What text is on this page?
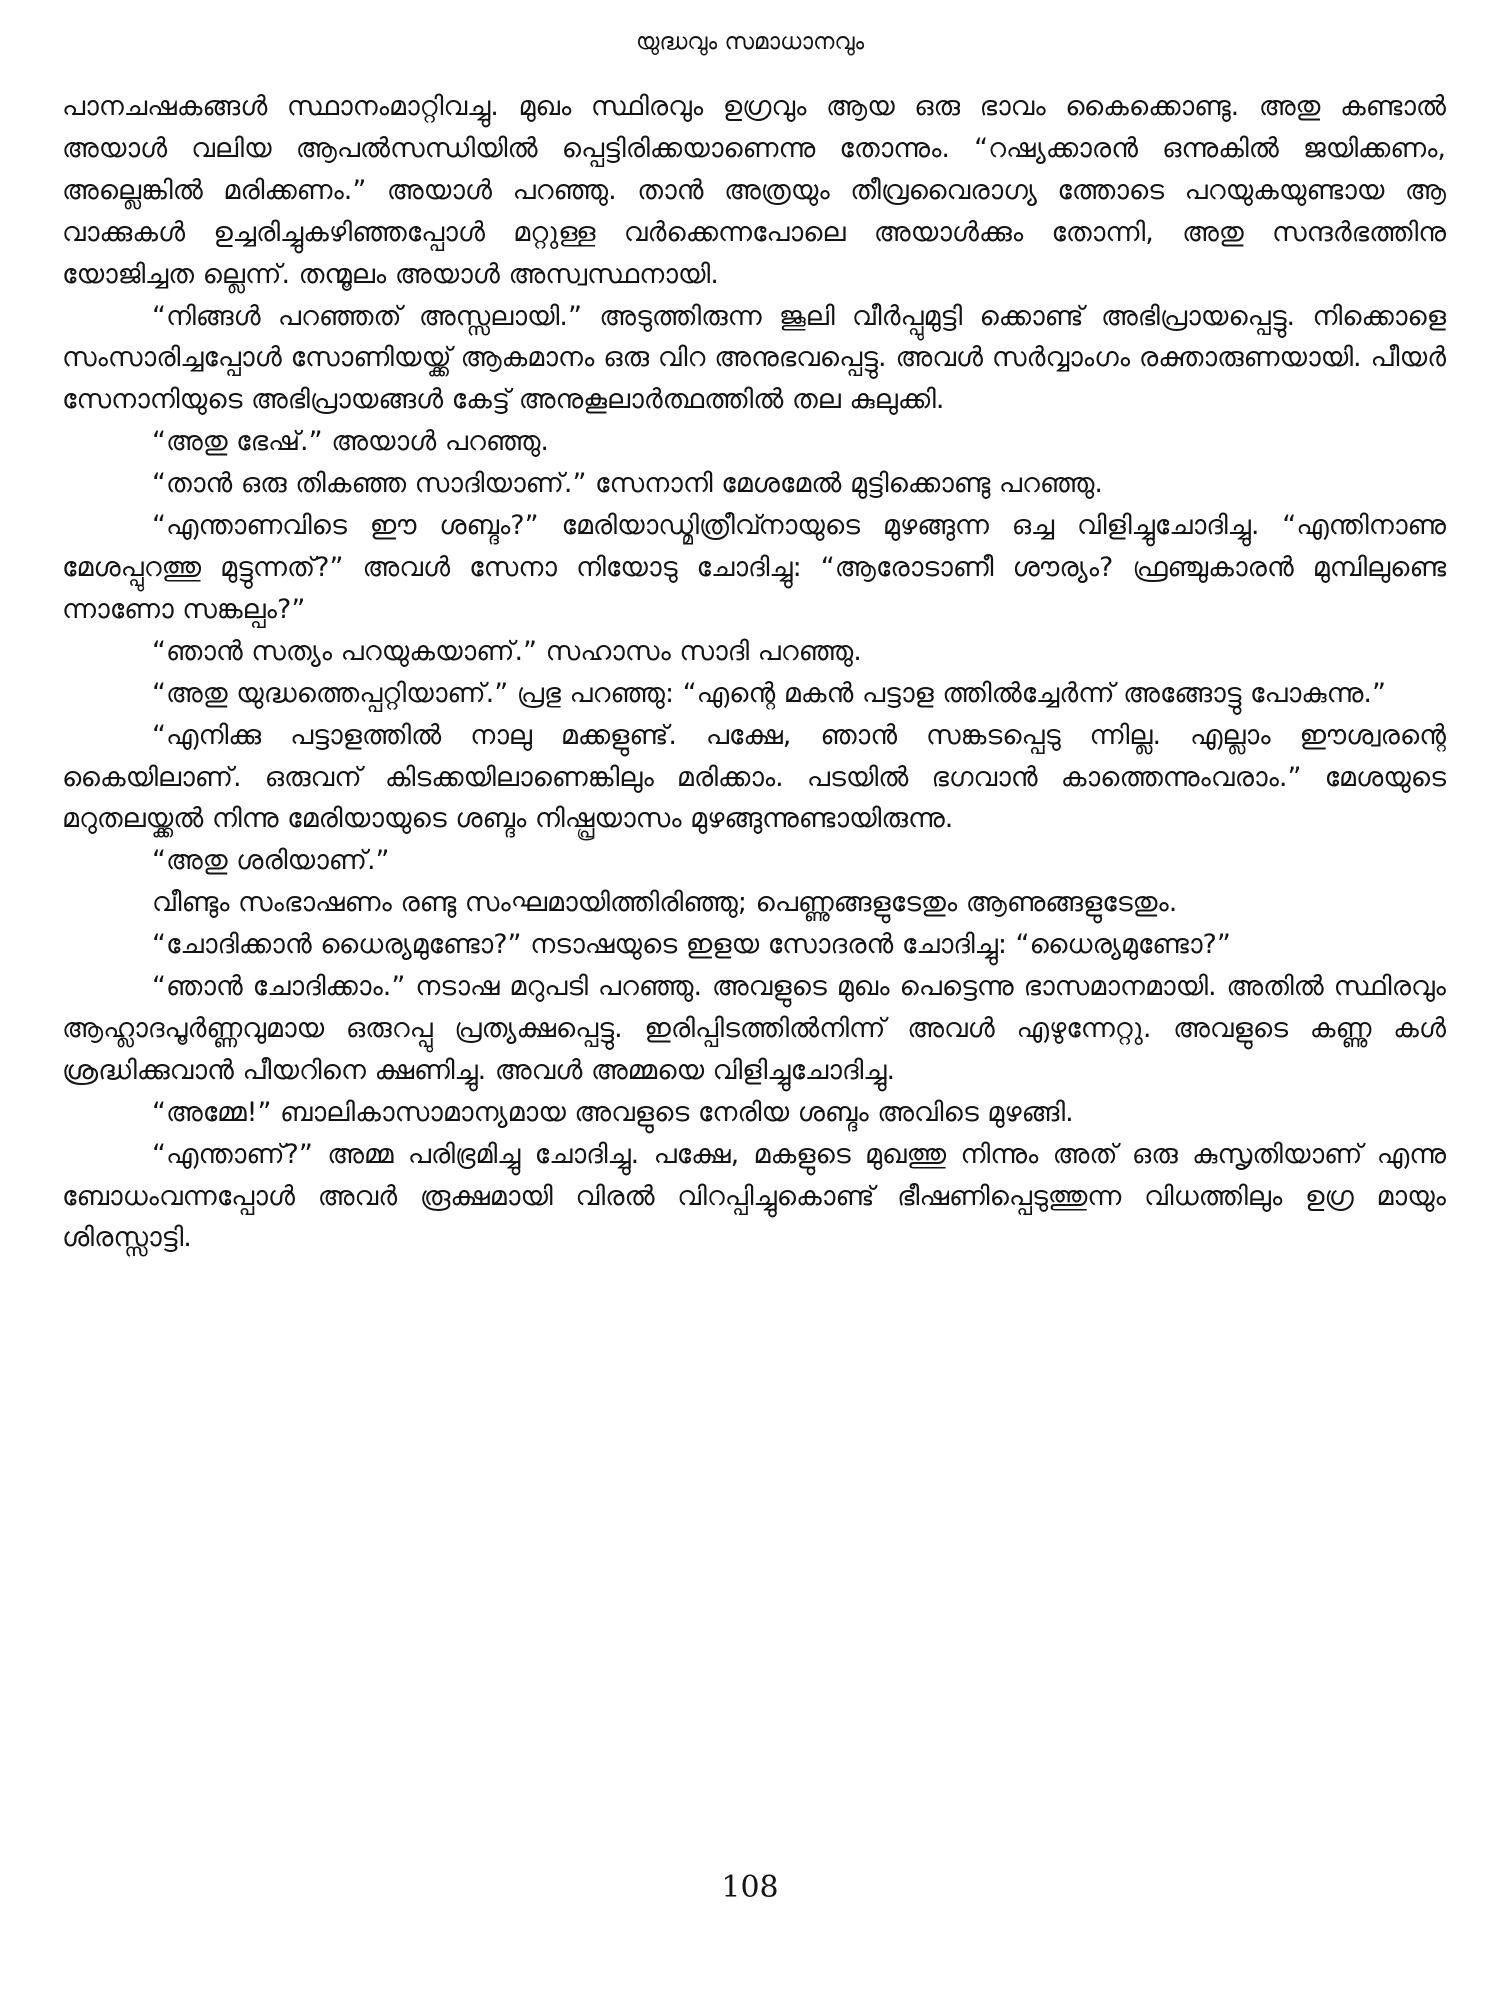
യുദ്ധവും സമാധാനവും

പാനചഷകങ്ങൾ സ്ഥാനംമാറ്റിവച്ചു. മുഖം സ്ഥിരവും ഉഗ്രവും ആയ ഒരു ഭാവം കൈക്കൊണ്ടു. അതു കണ്ടാൽ അയാൾ വലിയ ആപൽസന്ധിയിൽ പ്പെട്ടിരിക്കയാണെന്നു തോന്നും. “റഷ്യക്കാരൻ ഒന്നുകിൽ ജയിക്കണം, അല്ലെങ്കിൽ മരിക്കണം.” അയാൾ പറഞ്ഞു. താൻ അത്രയും തീവ്രവൈരാഗ്യ ത്തോടെ പറയുകയുണ്ടായ ആ വാക്കുകൾ ഉച്ചരിച്ചുകഴിഞ്ഞപ്പോൾ മറ്റുള്ള വർക്കെന്നപോലെ അയാൾക്കും തോന്നി, അതു സന്ദർഭത്തിനു യോജിച്ചത ല്ലെന്ന്. തന്മൂലം അയാൾ അസ്വസ്ഥനായി.

“നിങ്ങൾ പറഞ്ഞത് അസ്സലായി.” അടുത്തിരുന്ന ജൂലി വീർപ്പുമുട്ടി ക്കൊണ്ട് അഭിപ്രായപ്പെട്ടു. നിക്കൊളെ സംസാരിച്ചപ്പോൾ സോണിയയ്ക്ക് ആകമാനം ഒരു വിറ അനുഭവപ്പെട്ടു. അവൾ സർവ്വാംഗം രക്താരുണയായി. പീയർ സേനാനിയുടെ അഭിപ്രായങ്ങൾ കേട്ട് അനുകൂലാർത്ഥത്തിൽ തല കുലുക്കി.

“അതു ഭേഷ്.” അയാൾ പറഞ്ഞു.

“താൻ ഒരു തികഞ്ഞ സാദിയാണ്.” സേനാനി മേശമേൽ മുട്ടിക്കൊണ്ടു പറഞ്ഞു.

“എന്താണവിടെ ഈ ശബ്ദം?” മേരിയാഡ്മിത്രീവ്നായുടെ മുഴങ്ങുന്ന ഒച്ച വിളിച്ചുചോദിച്ചു. “എന്തിനാണു മേശപ്പുറത്തു മുട്ടുന്നത്?” അവൾ സേനാ നിയോടു ചോദിച്ചു: “ആരോടാണീ ശൗര്യം? ഫ്രഞ്ചുകാരൻ മുമ്പിലുണ്ടെ ന്നാണോ സങ്കല്പം?”

“ഞാൻ സത്യം പറയുകയാണ്.” സഹാസം സാദി പറഞ്ഞു.

“അതു യുദ്ധത്തെപ്പറ്റിയാണ്.” പ്രഭു പറഞ്ഞു: “എന്റെ മകൻ പട്ടാള ത്തിൽച്ചേർന്ന് അങ്ങോട്ടു പോകുന്നു.”

“എനിക്കു പട്ടാളത്തിൽ നാലു മക്കളുണ്ട്. പക്ഷേ, ഞാൻ സങ്കടപ്പെടു ന്നില്ല. എല്ലാം ഈശ്വരന്റെ കൈയിലാണ്. ഒരുവന് കിടക്കയിലാണെങ്കിലും മരിക്കാം. പടയിൽ ഭഗവാൻ കാത്തെന്നുംവരാം.” മേശയുടെ മറുതലയ്ക്കൽ നിന്നു മേരിയായുടെ ശബ്ദം നിഷ്പ്രയാസം മുഴങ്ങുന്നുണ്ടായിരുന്നു.

“അതു ശരിയാണ്.”

വീണ്ടും സംഭാഷണം രണ്ടു സംഘമായിത്തിരിഞ്ഞു; പെണ്ണുങ്ങളുടേതും ആണുങ്ങളുടേതും.

“ചോദിക്കാൻ ധൈര്യമുണ്ടോ?” നടാഷയുടെ ഇളയ സോദരൻ ചോദിച്ചു: “ധൈര്യമുണ്ടോ?”

“ഞാൻ ചോദിക്കാം.” നടാഷ മറുപടി പറഞ്ഞു. അവളുടെ മുഖം പെട്ടെന്നു ഭാസമാനമായി. അതിൽ സ്ഥിരവും ആഹ്ലാദപൂർണ്ണവുമായ ഒരുറപ്പു പ്രത്യക്ഷപ്പെട്ടു. ഇരിപ്പിടത്തിൽനിന്ന് അവൾ എഴുന്നേറ്റു. അവളുടെ കണ്ണു കൾ ശ്രദ്ധിക്കുവാൻ പീയറിനെ ക്ഷണിച്ചു. അവൾ അമ്മയെ വിളിച്ചുചോദിച്ചു.

“അമ്മേ!” ബാലികാസാമാന്യമായ അവളുടെ നേരിയ ശബ്ദം അവിടെ മുഴങ്ങി.

“എന്താണ്?” അമ്മ പരിഭ്രമിച്ചു ചോദിച്ചു. പക്ഷേ, മകളുടെ മുഖത്തു നിന്നും അത് ഒരു കുസൃതിയാണ് എന്നു ബോധംവന്നപ്പോൾ അവർ രൂക്ഷമായി വിരൽ വിറപ്പിച്ചുകൊണ്ട് ഭീഷണിപ്പെടുത്തുന്ന വിധത്തിലും ഉഗ്ര മായും ശിരസ്സാട്ടി.

108
